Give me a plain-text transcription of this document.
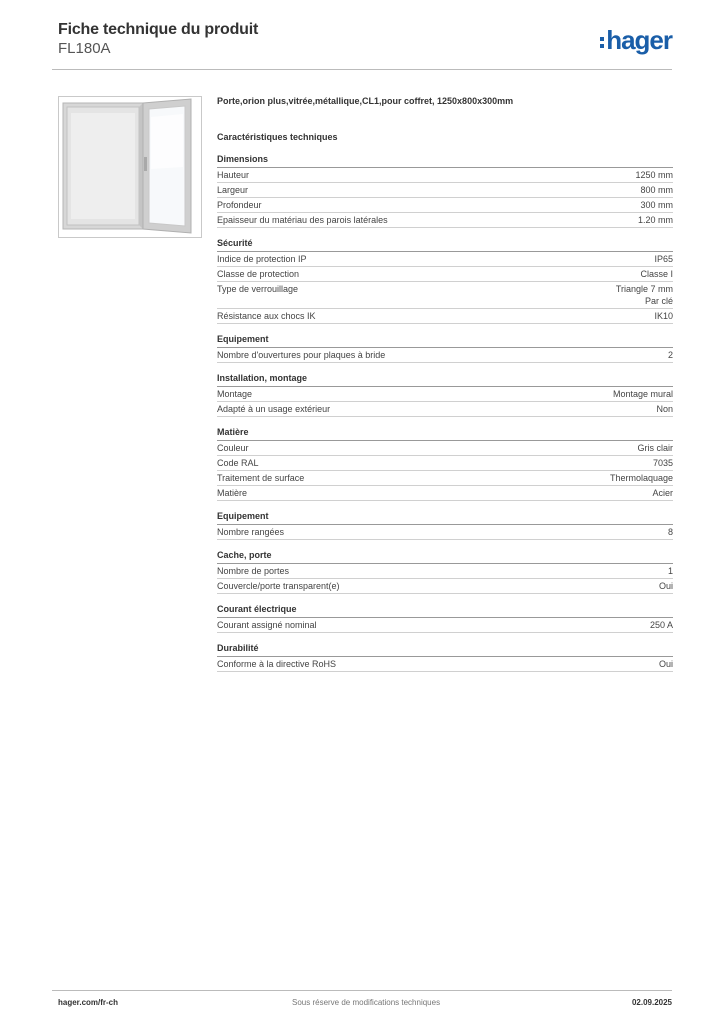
Fiche technique du produit
FL180A	hager
Porte,orion plus,vitrée,métallique,CL1,pour coffret, 1250x800x300mm
Caractéristiques techniques
Dimensions
Hauteur	1250 mm
Largeur	800 mm
Profondeur	300 mm
Epaisseur du matériau des parois latérales	1.20 mm
Sécurité
Indice de protection IP	IP65
Classe de protection	Classe I
Type de verrouillage	Triangle 7 mm
Par clé
Résistance aux chocs IK	IK10
Equipement
Nombre d'ouvertures pour plaques à bride	2
Installation, montage
Montage	Montage mural
Adapté à un usage extérieur	Non
Matière
Couleur	Gris clair
Code RAL	7035
Traitement de surface	Thermolaquage
Matière	Acier
Equipement
Nombre rangées	8
Cache, porte
Nombre de portes	1
Couvercle/porte transparent(e)	Oui
Courant électrique
Courant assigné nominal	250 A
Durabilité
Conforme à la directive RoHS	Oui
hager.com/fr-ch	Sous réserve de modifications techniques	02.09.2025
